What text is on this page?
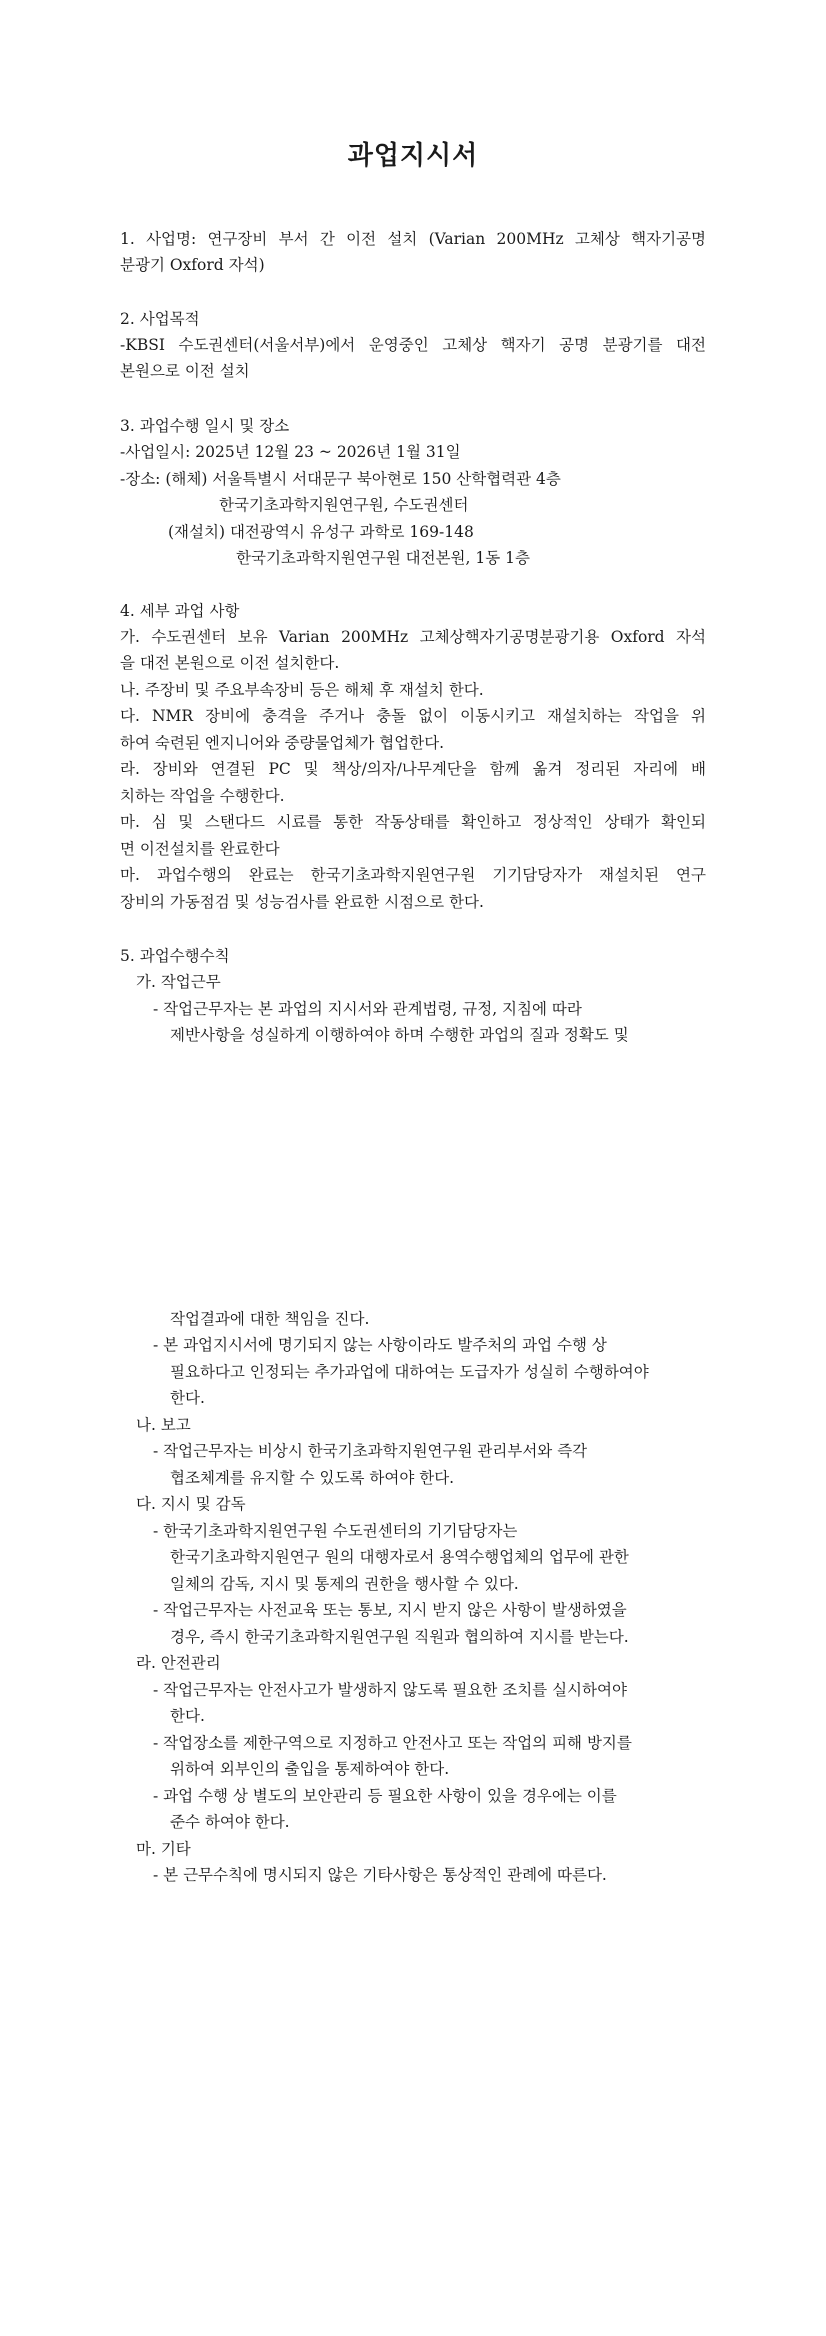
과업지시서
1. 사업명: 연구장비 부서 간 이전 설치 (Varian 200MHz 고체상 핵자기공명
분광기 Oxford 자석)
2. 사업목적
-KBSI 수도권센터(서울서부)에서 운영중인 고체상 핵자기 공명 분광기를 대전
본원으로 이전 설치
3. 과업수행 일시 및 장소
-사업일시: 2025년 12월 23 ~ 2026년 1월 31일
-장소: (해체) 서울특별시 서대문구 북아현로 150 산학협력관 4층
한국기초과학지원연구원, 수도권센터
(재설치) 대전광역시 유성구 과학로 169-148
한국기초과학지원연구원 대전본원, 1동 1층
4. 세부 과업 사항
가. 수도권센터 보유 Varian 200MHz 고체상핵자기공명분광기용 Oxford 자석
을 대전 본원으로 이전 설치한다.
나. 주장비 및 주요부속장비 등은 해체 후 재설치 한다.
다. NMR 장비에 충격을 주거나 충돌 없이 이동시키고 재설치하는 작업을 위
하여 숙련된 엔지니어와 중량물업체가 협업한다.
라. 장비와 연결된 PC 및 책상/의자/나무계단을 함께 옮겨 정리된 자리에 배
치하는 작업을 수행한다.
마. 심 및 스탠다드 시료를 통한 작동상태를 확인하고 정상적인 상태가 확인되
면 이전설치를 완료한다
마. 과업수행의 완료는 한국기초과학지원연구원 기기담당자가 재설치된 연구
장비의 가동점검 및 성능검사를 완료한 시점으로 한다.
5. 과업수행수칙
가. 작업근무
- 작업근무자는 본 과업의 지시서와 관계법령, 규정, 지침에 따라
제반사항을 성실하게 이행하여야 하며 수행한 과업의 질과 정확도 및
작업결과에 대한 책임을 진다.
- 본 과업지시서에 명기되지 않는 사항이라도 발주처의 과업 수행 상
필요하다고 인정되는 추가과업에 대하여는 도급자가 성실히 수행하여야
한다.
나. 보고
- 작업근무자는 비상시 한국기초과학지원연구원 관리부서와 즉각
협조체계를 유지할 수 있도록 하여야 한다.
다. 지시 및 감독
- 한국기초과학지원연구원 수도권센터의 기기담당자는
한국기초과학지원연구 원의 대행자로서 용역수행업체의 업무에 관한
일체의 감독, 지시 및 통제의 권한을 행사할 수 있다.
- 작업근무자는 사전교육 또는 통보, 지시 받지 않은 사항이 발생하였을
경우, 즉시 한국기초과학지원연구원 직원과 협의하여 지시를 받는다.
라. 안전관리
- 작업근무자는 안전사고가 발생하지 않도록 필요한 조치를 실시하여야
한다.
- 작업장소를 제한구역으로 지정하고 안전사고 또는 작업의 피해 방지를
위하여 외부인의 출입을 통제하여야 한다.
- 과업 수행 상 별도의 보안관리 등 필요한 사항이 있을 경우에는 이를
준수 하여야 한다.
마. 기타
- 본 근무수칙에 명시되지 않은 기타사항은 통상적인 관례에 따른다.
